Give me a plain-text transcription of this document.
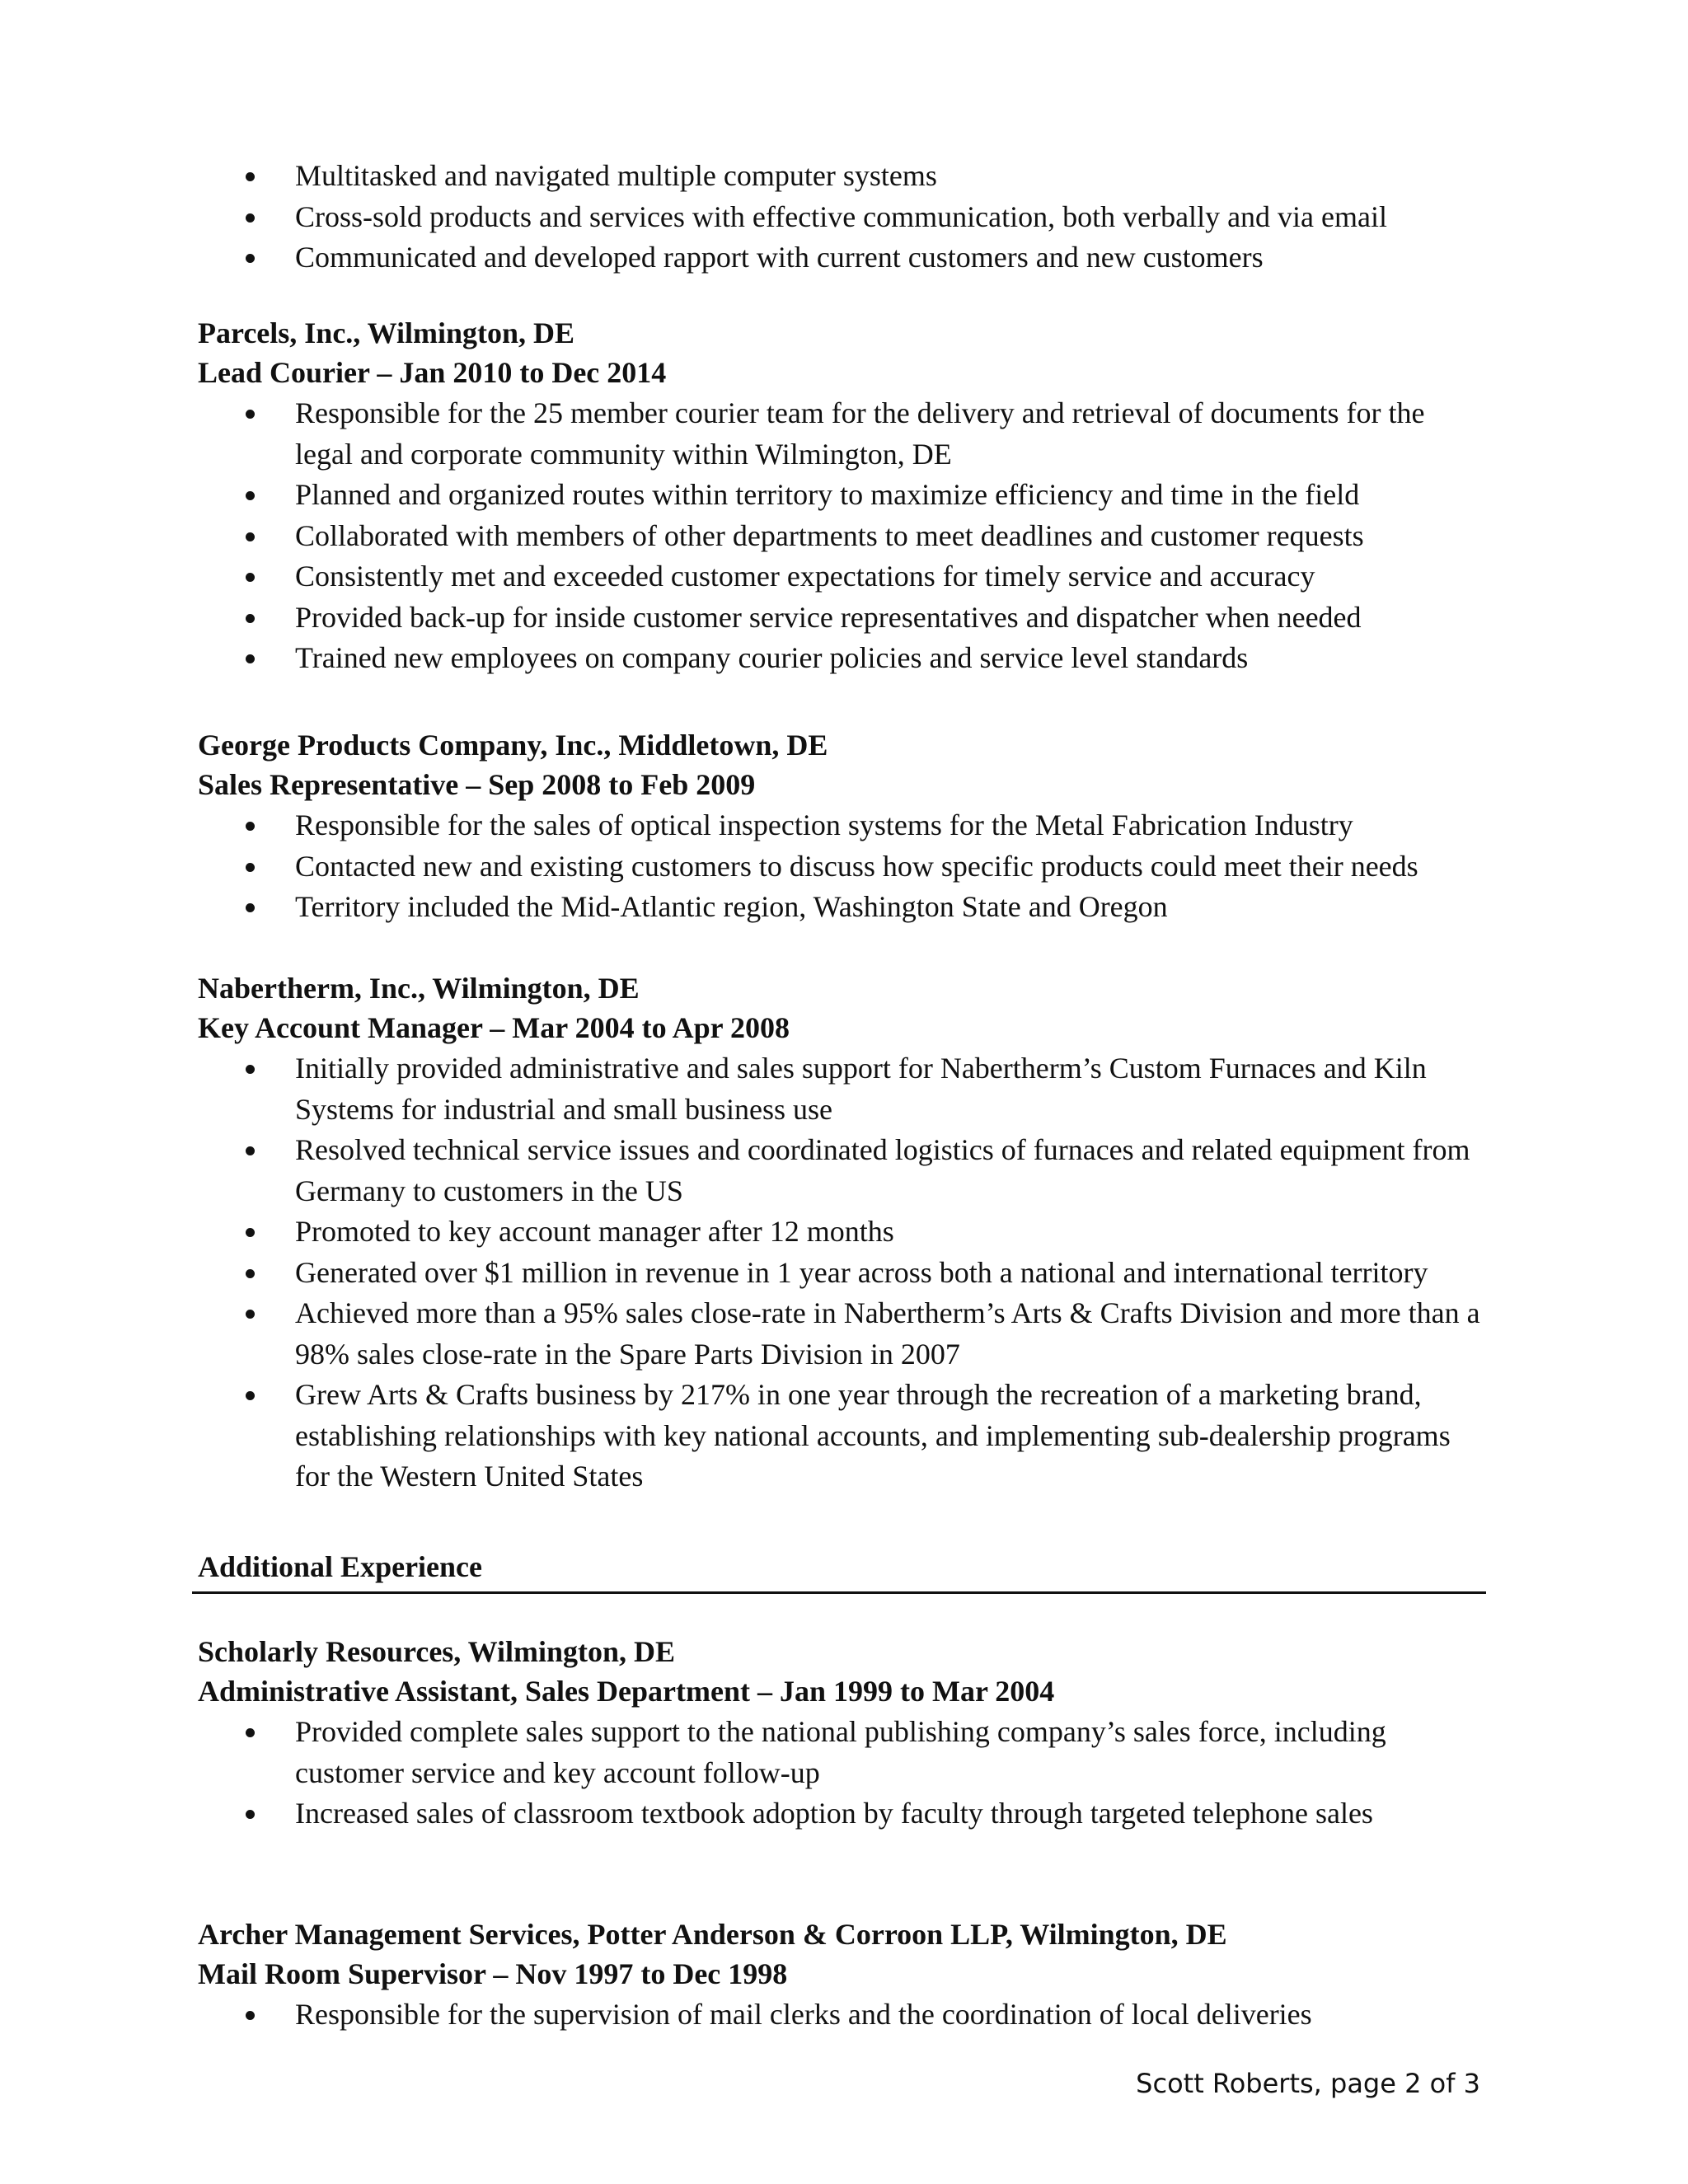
Multitasked and navigated multiple computer systems
Cross-sold products and services with effective communication, both verbally and via email
Communicated and developed rapport with current customers and new customers
Parcels, Inc., Wilmington, DE
Lead Courier – Jan 2010 to Dec 2014
Responsible for the 25 member courier team for the delivery and retrieval of documents for the legal and corporate community within Wilmington, DE
Planned and organized routes within territory to maximize efficiency and time in the field
Collaborated with members of other departments to meet deadlines and customer requests
Consistently met and exceeded customer expectations for timely service and accuracy
Provided back-up for inside customer service representatives and dispatcher when needed
Trained new employees on company courier policies and service level standards
George Products Company, Inc., Middletown, DE
Sales Representative – Sep 2008 to Feb 2009
Responsible for the sales of optical inspection systems for the Metal Fabrication Industry
Contacted new and existing customers to discuss how specific products could meet their needs
Territory included the Mid-Atlantic region, Washington State and Oregon
Nabertherm, Inc., Wilmington, DE
Key Account Manager – Mar 2004 to Apr 2008
Initially provided administrative and sales support for Nabertherm’s Custom Furnaces and Kiln Systems for industrial and small business use
Resolved technical service issues and coordinated logistics of furnaces and related equipment from Germany to customers in the US
Promoted to key account manager after 12 months
Generated over $1 million in revenue in 1 year across both a national and international territory
Achieved more than a 95% sales close-rate in Nabertherm’s Arts & Crafts Division and more than a 98% sales close-rate in the Spare Parts Division in 2007
Grew Arts & Crafts business by 217% in one year through the recreation of a marketing brand, establishing relationships with key national accounts, and implementing sub-dealership programs for the Western United States
Additional Experience
Scholarly Resources, Wilmington, DE
Administrative Assistant, Sales Department – Jan 1999 to Mar 2004
Provided complete sales support to the national publishing company’s sales force, including customer service and key account follow-up
Increased sales of classroom textbook adoption by faculty through targeted telephone sales
Archer Management Services, Potter Anderson & Corroon LLP, Wilmington, DE
Mail Room Supervisor – Nov 1997 to Dec 1998
Responsible for the supervision of mail clerks and the coordination of local deliveries
Scott Roberts, page 2 of 3
